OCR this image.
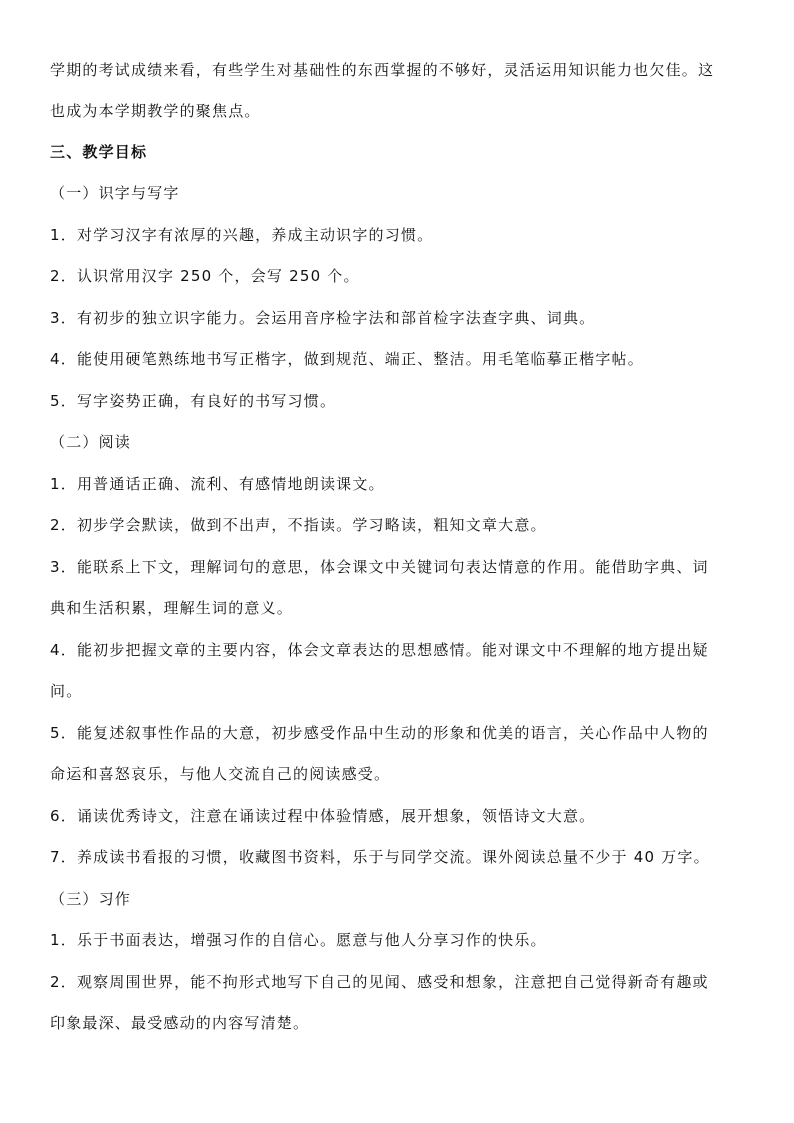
学期的考试成绩来看，有些学生对基础性的东西掌握的不够好，灵活运用知识能力也欠佳。这
也成为本学期教学的聚焦点。
三、教学目标
（一）识字与写字
1．对学习汉字有浓厚的兴趣，养成主动识字的习惯。
2．认识常用汉字 250 个，会写 250 个。
3．有初步的独立识字能力。会运用音序检字法和部首检字法查字典、词典。
4．能使用硬笔熟练地书写正楷字，做到规范、端正、整洁。用毛笔临摹正楷字帖。
5．写字姿势正确，有良好的书写习惯。
（二）阅读
1．用普通话正确、流利、有感情地朗读课文。
2．初步学会默读，做到不出声，不指读。学习略读，粗知文章大意。
3．能联系上下文，理解词句的意思，体会课文中关键词句表达情意的作用。能借助字典、词
典和生活积累，理解生词的意义。
4．能初步把握文章的主要内容，体会文章表达的思想感情。能对课文中不理解的地方提出疑
问。
5．能复述叙事性作品的大意，初步感受作品中生动的形象和优美的语言，关心作品中人物的
命运和喜怒哀乐，与他人交流自己的阅读感受。
6．诵读优秀诗文，注意在诵读过程中体验情感，展开想象，领悟诗文大意。
7．养成读书看报的习惯，收藏图书资料，乐于与同学交流。课外阅读总量不少于 40 万字。
（三）习作
1．乐于书面表达，增强习作的自信心。愿意与他人分享习作的快乐。
2．观察周围世界，能不拘形式地写下自己的见闻、感受和想象，注意把自己觉得新奇有趣或
印象最深、最受感动的内容写清楚。
